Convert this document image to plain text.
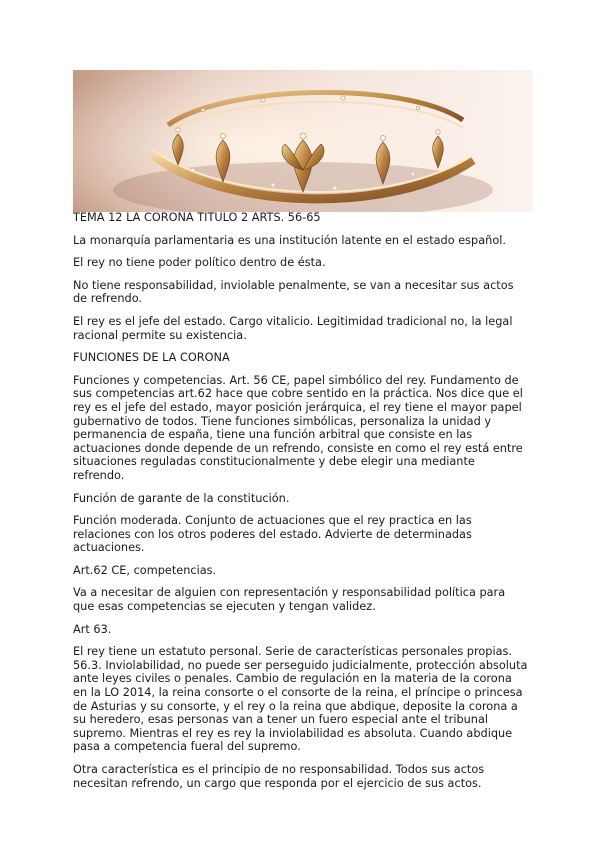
TEMA 12 LA CORONA TITULO 2 ARTS. 56-65

La monarquía parlamentaria es una institución latente en el estado español.

El rey no tiene poder político dentro de ésta.

No tiene responsabilidad, inviolable penalmente, se van a necesitar sus actos de refrendo.

El rey es el jefe del estado. Cargo vitalicio. Legitimidad tradicional no, la legal racional permite su existencia.

FUNCIONES DE LA CORONA

Funciones y competencias. Art. 56 CE, papel simbólico del rey. Fundamento de sus competencias art.62 hace que cobre sentido en la práctica. Nos dice que el rey es el jefe del estado, mayor posición jerárquica, el rey tiene el mayor papel gubernativo de todos. Tiene funciones simbólicas, personaliza la unidad y permanencia de españa, tiene una función arbitral que consiste en las actuaciones donde depende de un refrendo, consiste en como el rey está entre situaciones reguladas constitucionalmente y debe elegir una mediante refrendo.

Función de garante de la constitución.

Función moderada. Conjunto de actuaciones que el rey practica en las relaciones con los otros poderes del estado. Advierte de determinadas actuaciones.

Art.62 CE, competencias.

Va a necesitar de alguien con representación y responsabilidad política para que esas competencias se ejecuten y tengan validez.

Art 63.

El rey tiene un estatuto personal. Serie de características personales propias. 56.3. Inviolabilidad, no puede ser perseguido judicialmente, protección absoluta ante leyes civiles o penales. Cambio de regulación en la materia de la corona en la LO 2014, la reina consorte o el consorte de la reina, el príncipe o princesa de Asturias y su consorte, y el rey o la reina que abdique, deposite la corona a su heredero, esas personas van a tener un fuero especial ante el tribunal supremo. Mientras el rey es rey la inviolabilidad es absoluta. Cuando abdique pasa a competencia fueral del supremo.

Otra característica es el principio de no responsabilidad. Todos sus actos necesitan refrendo, un cargo que responda por el ejercicio de sus actos.
